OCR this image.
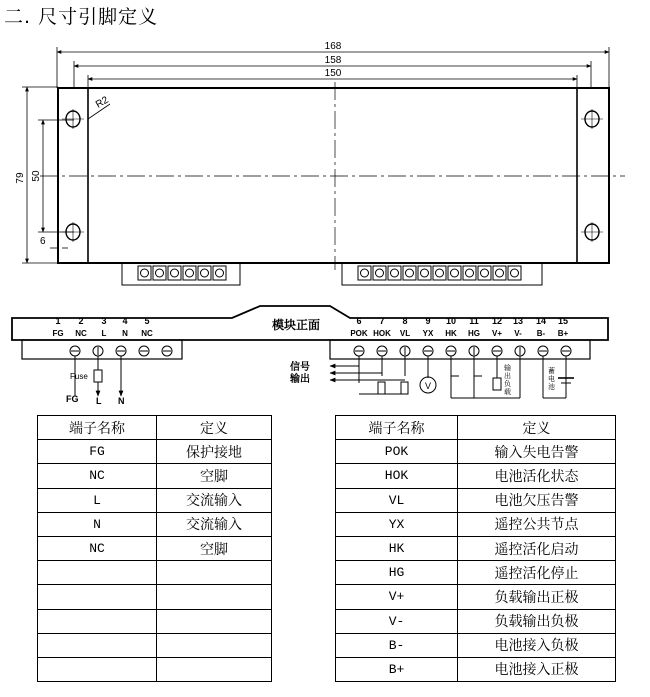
二. 尺寸引脚定义
168
158
150
79 50
6
R2
模块正面
1 2 3 4 5	6 7 8 9 10 11 12 13 14 15
FG NC L N NC	POK HOK VL YX HK HG V+ V- B- B+
Fuse
FG L N
信号
输出
V
输
出
负
载
蓄
电
池
端子名称	定义
FG	保护接地
NC	空脚
L	交流输入
N	交流输入
NC	空脚

端子名称	定义
POK	输入失电告警
HOK	电池活化状态
VL	电池欠压告警
YX	遥控公共节点
HK	遥控活化启动
HG	遥控活化停止
V+	负载输出正极
V-	负载输出负极
B-	电池接入负极
B+	电池接入正极
